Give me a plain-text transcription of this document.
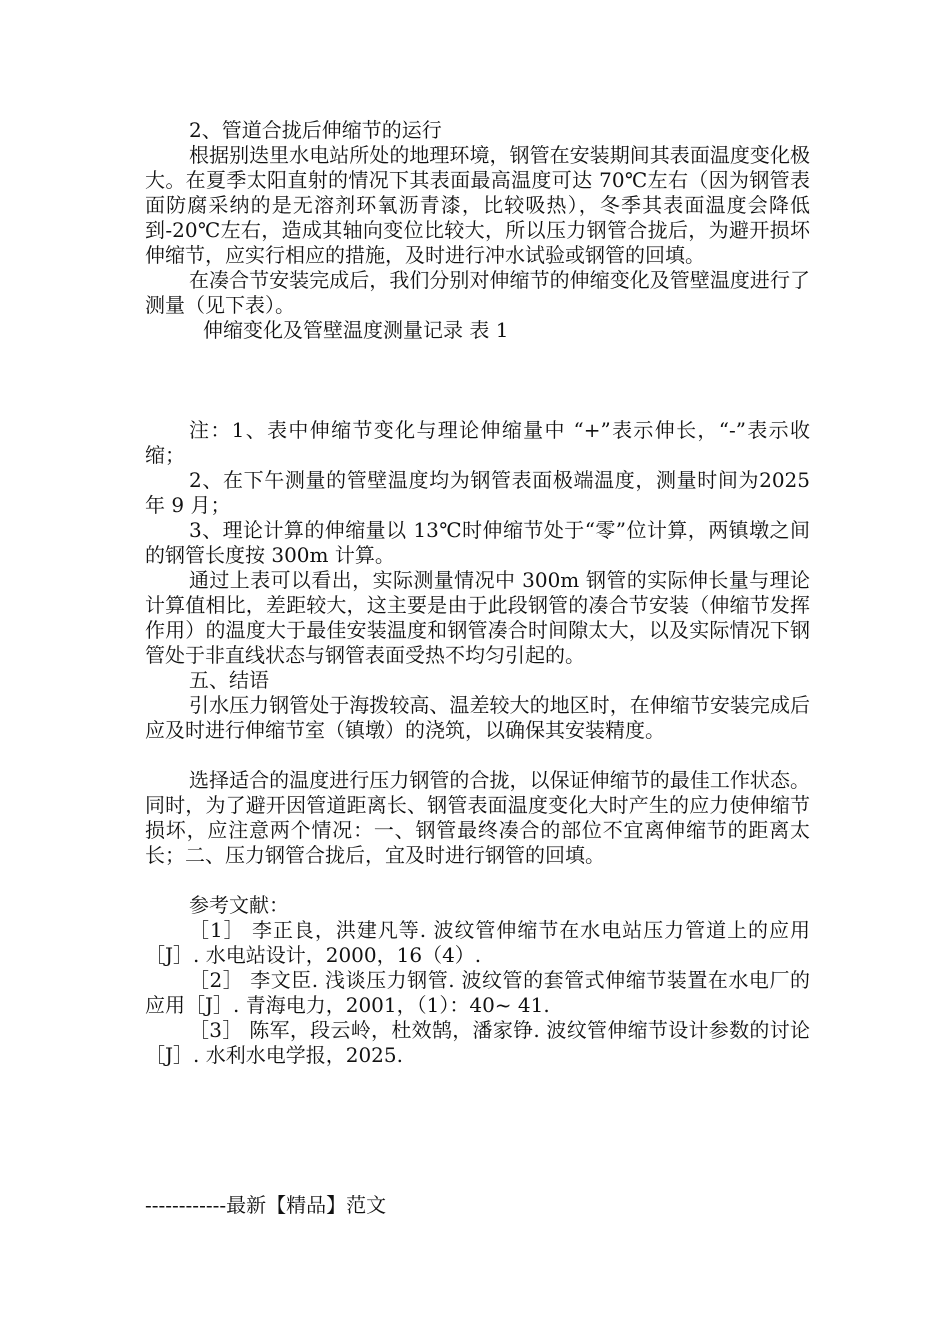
2、管道合拢后伸缩节的运行

根据别迭里水电站所处的地理环境，钢管在安装期间其表面温度变化极大。在夏季太阳直射的情况下其表面最高温度可达 70℃左右（因为钢管表面防腐采纳的是无溶剂环氧沥青漆，比较吸热），冬季其表面温度会降低到-20℃左右，造成其轴向变位比较大，所以压力钢管合拢后，为避开损坏伸缩节，应实行相应的措施，及时进行冲水试验或钢管的回填。

在凑合节安装完成后，我们分别对伸缩节的伸缩变化及管壁温度进行了测量（见下表）。

伸缩变化及管壁温度测量记录 表 1

注：1、表中伸缩节变化与理论伸缩量中 “+”表示伸长，“-”表示收缩；

2、在下午测量的管壁温度均为钢管表面极端温度，测量时间为2025 年 9 月；

3、理论计算的伸缩量以 13℃时伸缩节处于“零”位计算，两镇墩之间的钢管长度按 300m 计算。

通过上表可以看出，实际测量情况中 300m 钢管的实际伸长量与理论计算值相比，差距较大，这主要是由于此段钢管的凑合节安装（伸缩节发挥作用）的温度大于最佳安装温度和钢管凑合时间隙太大，以及实际情况下钢管处于非直线状态与钢管表面受热不均匀引起的。

五、结语

引水压力钢管处于海拨较高、温差较大的地区时，在伸缩节安装完成后应及时进行伸缩节室（镇墩）的浇筑，以确保其安装精度。

选择适合的温度进行压力钢管的合拢，以保证伸缩节的最佳工作状态。同时，为了避开因管道距离长、钢管表面温度变化大时产生的应力使伸缩节损坏，应注意两个情况：一、钢管最终凑合的部位不宜离伸缩节的距离太长；二、压力钢管合拢后，宜及时进行钢管的回填。

参考文献：

［1］ 李正良，洪建凡等. 波纹管伸缩节在水电站压力管道上的应用［J］. 水电站设计，2000，16（4）.

［2］ 李文臣. 浅谈压力钢管. 波纹管的套管式伸缩节装置在水电厂的应用［J］. 青海电力，2001，（1）：40~ 41.

［3］ 陈军，段云岭，杜效鹄，潘家铮. 波纹管伸缩节设计参数的讨论［J］. 水利水电学报，2025.

------------最新【精品】范文
